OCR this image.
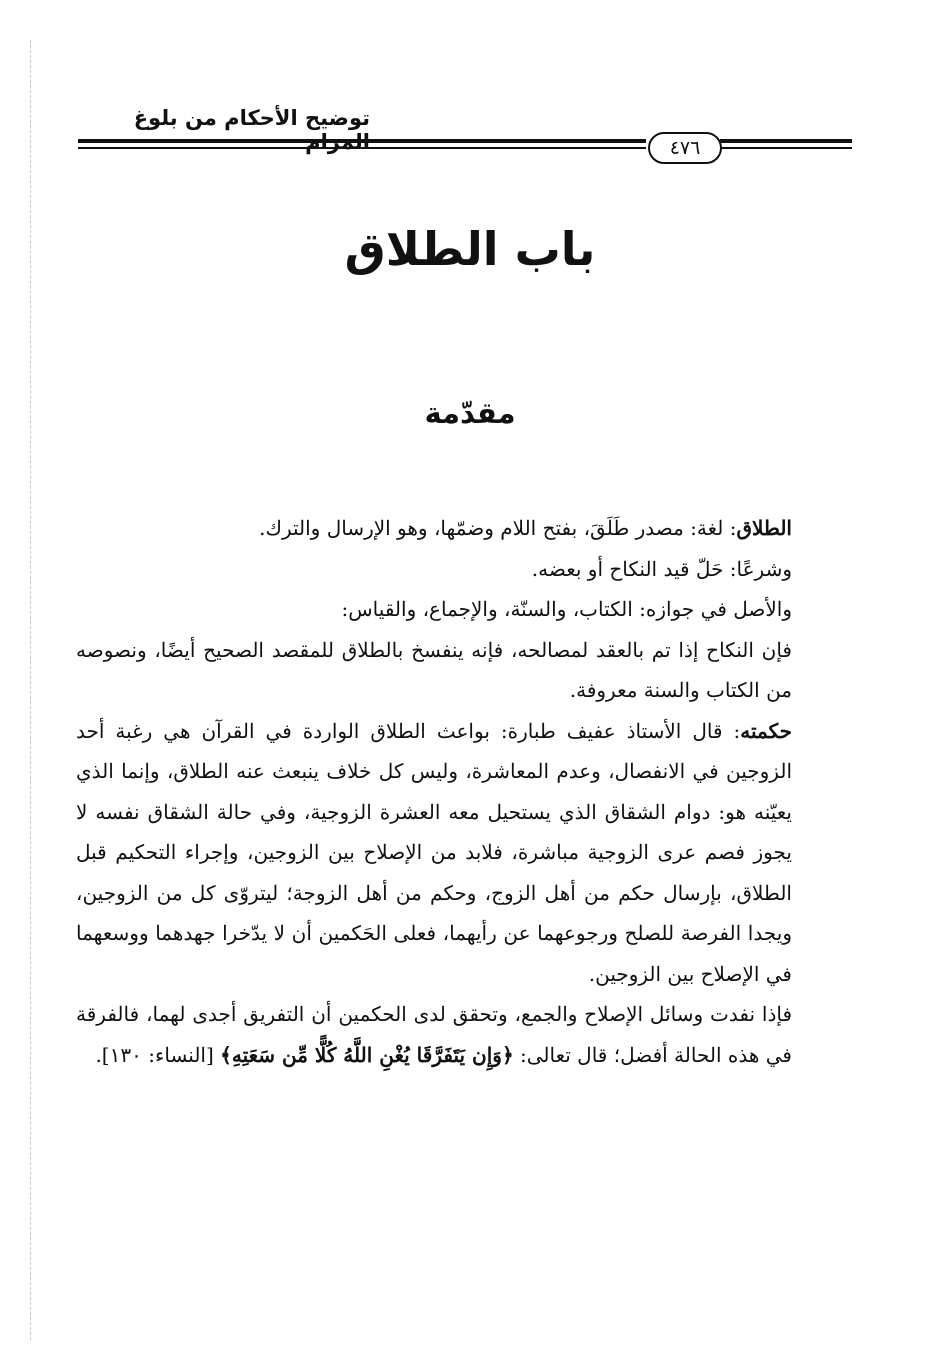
توضيح الأحكام من بلوغ
٤٧٦
باب الطلاق
مقدّمة

الطلاق: لغة: مصدر طَلَقَ، بفتح اللام وضمّها، وهو الإرسال والترك.

وشرعًا: حَلّ قيد النكاح أو بعضه.

والأصل في جوازه: الكتاب، والسنّة، والإجماع، والقياس:

فإن النكاح إذا تم بالعقد لمصالحه، فإنه ينفسخ بالطلاق للمقصد الصحيح أيضًا، ونصوصه من الكتاب والسنة معروفة.

حكمته: قال الأستاذ عفيف طبارة: بواعث الطلاق الواردة في القرآن هي رغبة أحد الزوجين في الانفصال، وعدم المعاشرة، وليس كل خلاف ينبعث عنه الطلاق، وإنما الذي يعيّنه هو: دوام الشقاق الذي يستحيل معه العشرة الزوجية، وفي حالة الشقاق نفسه لا يجوز فصم عرى الزوجية مباشرة، فلابد من الإصلاح بين الزوجين، وإجراء التحكيم قبل الطلاق، بإرسال حكم من أهل الزوج، وحكم من أهل الزوجة؛ ليتروّى كل من الزوجين، ويجدا الفرصة للصلح ورجوعهما عن رأيهما، فعلى الحَكمين أن لا يدّخرا جهدهما ووسعهما في الإصلاح بين الزوجين.

فإذا نفدت وسائل الإصلاح والجمع، وتحقق لدى الحكمين أن التفريق أجدى لهما، فالفرقة في هذه الحالة أفضل؛ قال تعالى: ﴿وَإِن يَتَفَرَّقَا يُغْنِ اللَّهُ كُلًّا مِّن سَعَتِهِ﴾ [النساء: ١٣٠].
